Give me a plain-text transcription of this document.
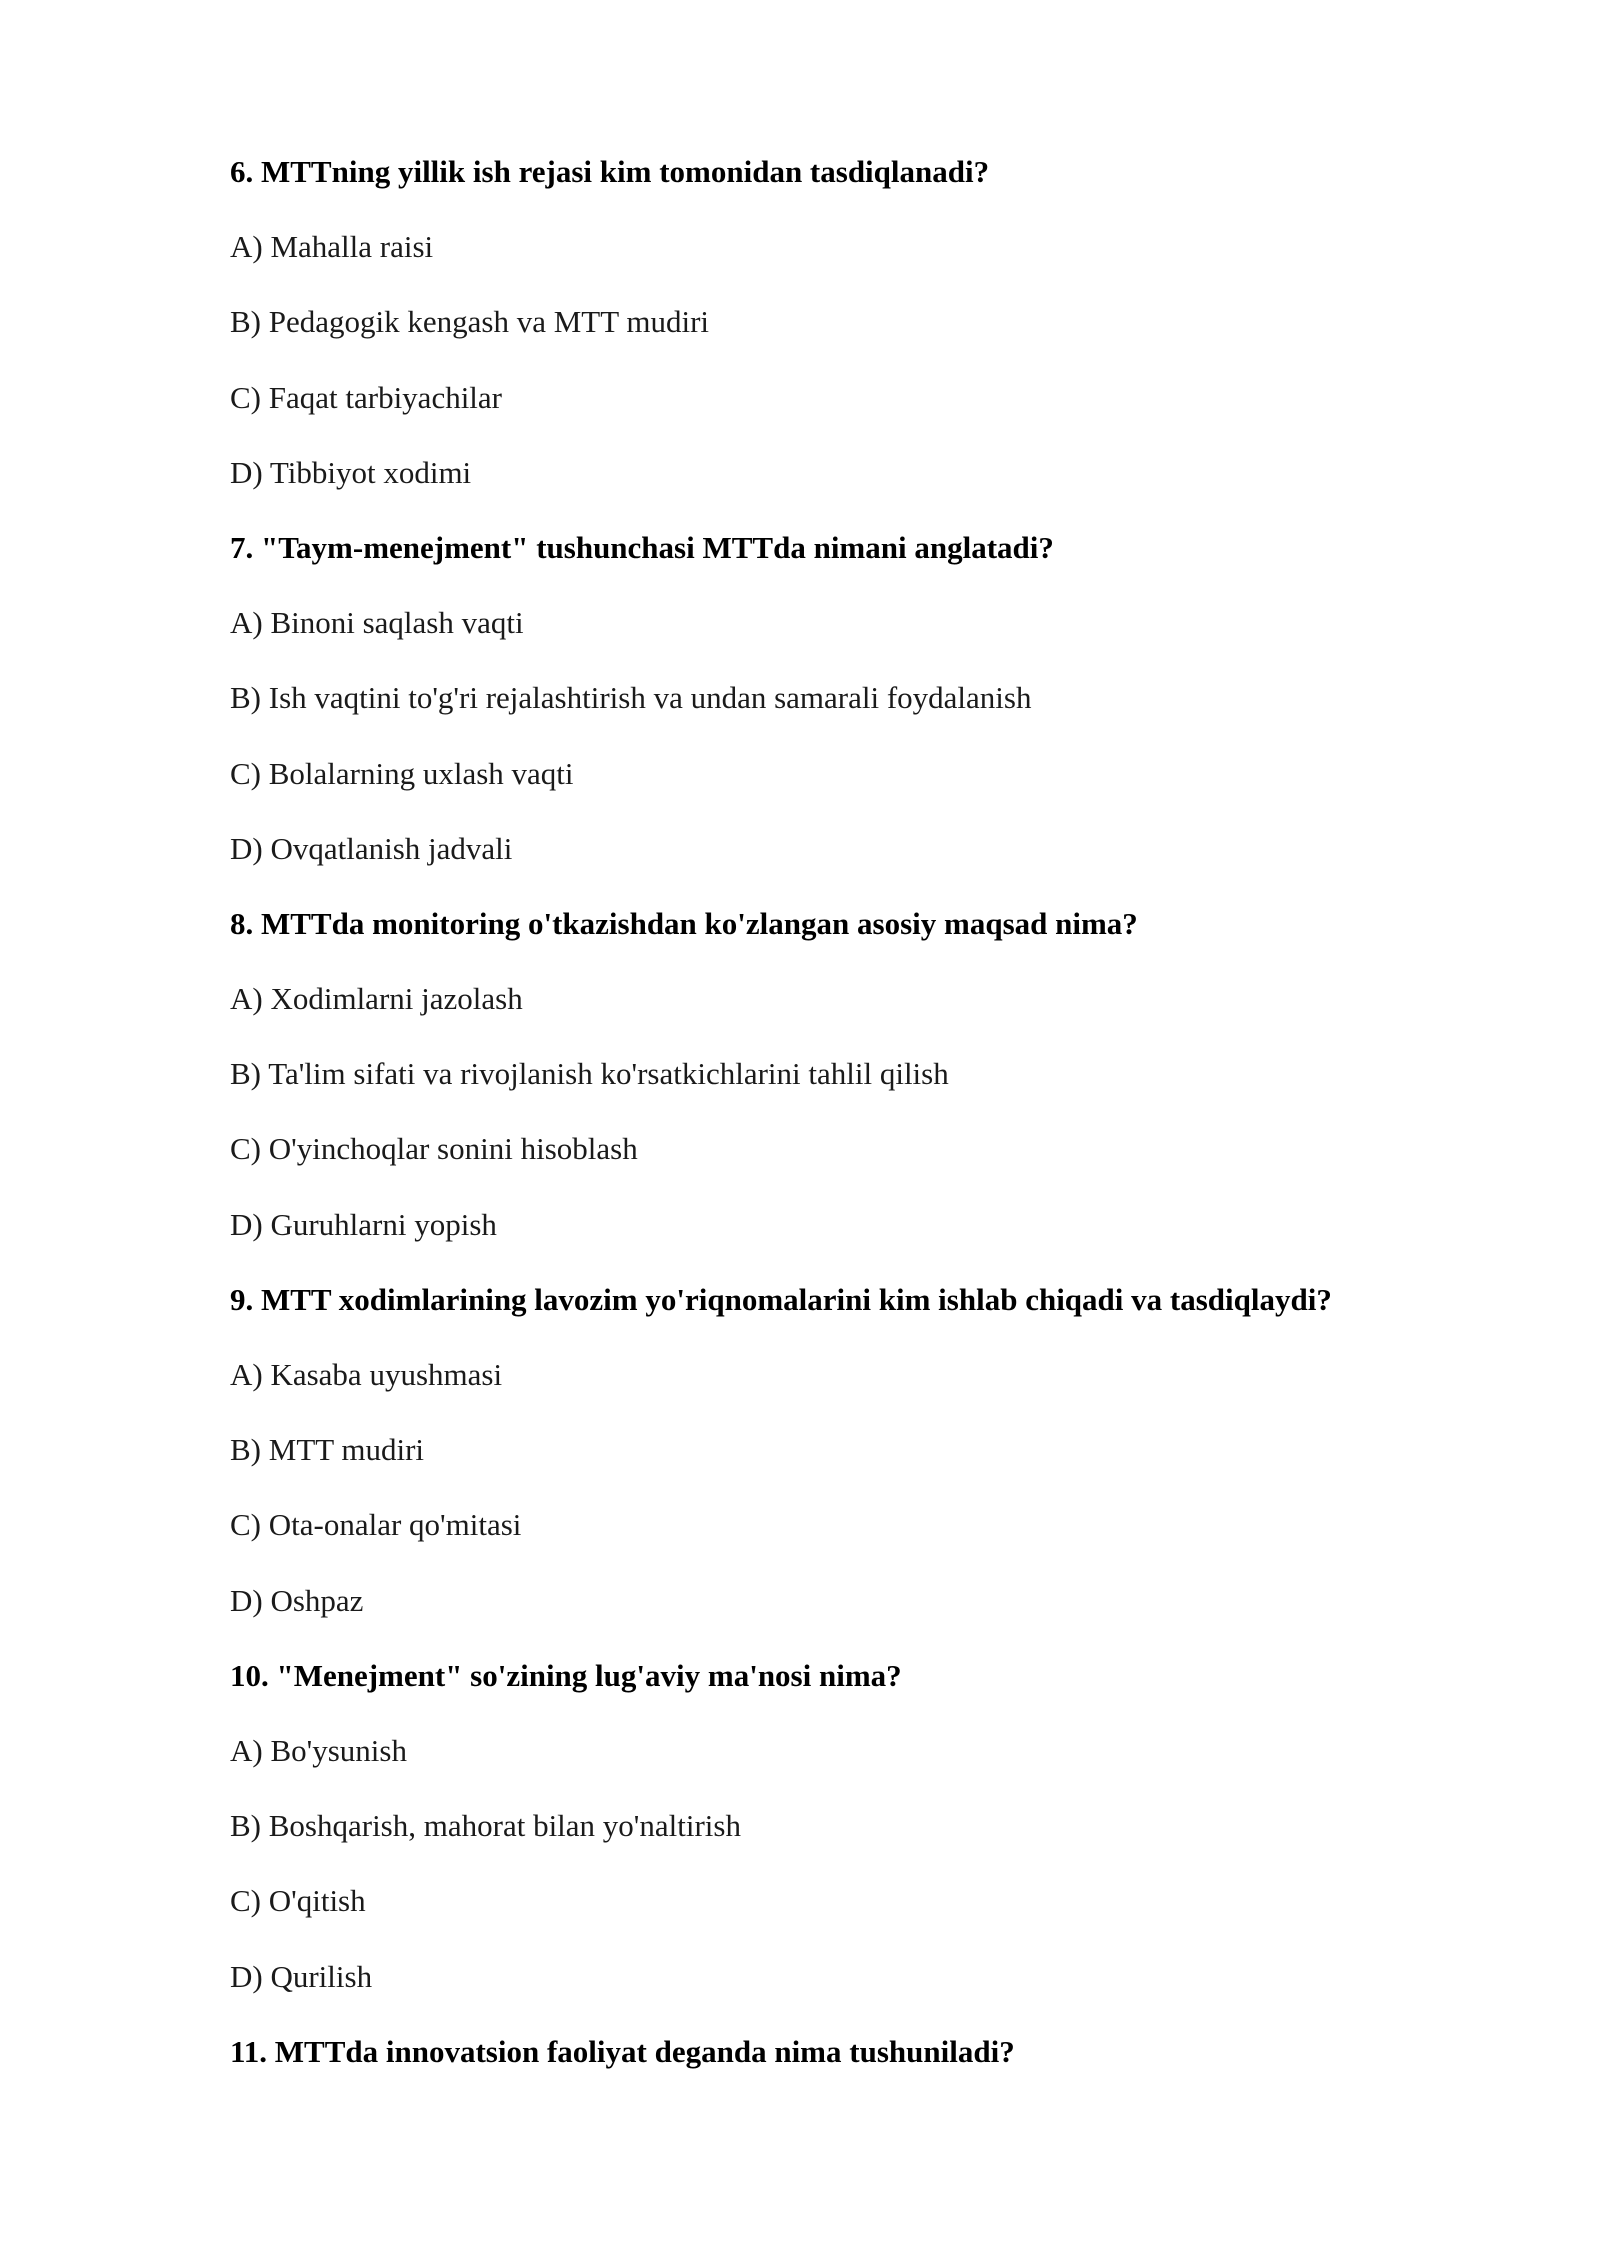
6. MTTning yillik ish rejasi kim tomonidan tasdiqlanadi?
A) Mahalla raisi
B) Pedagogik kengash va MTT mudiri
C) Faqat tarbiyachilar
D) Tibbiyot xodimi
7. "Taym-menejment" tushunchasi MTTda nimani anglatadi?
A) Binoni saqlash vaqti
B) Ish vaqtini to'g'ri rejalashtirish va undan samarali foydalanish
C) Bolalarning uxlash vaqti
D) Ovqatlanish jadvali
8. MTTda monitoring o'tkazishdan ko'zlangan asosiy maqsad nima?
A) Xodimlarni jazolash
B) Ta'lim sifati va rivojlanish ko'rsatkichlarini tahlil qilish
C) O'yinchoqlar sonini hisoblash
D) Guruhlarni yopish
9. MTT xodimlarining lavozim yo'riqnomalarini kim ishlab chiqadi va tasdiqlaydi?
A) Kasaba uyushmasi
B) MTT mudiri
C) Ota-onalar qo'mitasi
D) Oshpaz
10. "Menejment" so'zining lug'aviy ma'nosi nima?
A) Bo'ysunish
B) Boshqarish, mahorat bilan yo'naltirish
C) O'qitish
D) Qurilish
11. MTTda innovatsion faoliyat deganda nima tushuniladi?
